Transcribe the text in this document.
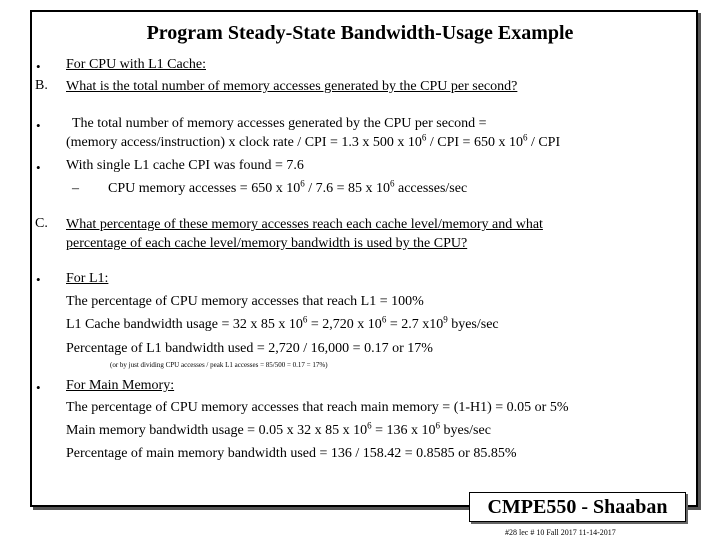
Program Steady-State Bandwidth-Usage Example
• For CPU with L1 Cache:
B. What is the total number of memory accesses generated by the CPU per second?
• The total number of memory accesses generated by the CPU per second =
(memory access/instruction) x clock rate / CPI = 1.3 x 500 x $10^6$ / CPI = 650 x $10^6$ / CPI
• With single L1 cache CPI was found = 7.6
– CPU memory accesses = 650 x $10^6 / 7.6 = 85$ x $10^6$ accesses/sec
C. What percentage of these memory accesses reach each cache level/memory and what
percentage of each cache level/memory bandwidth is used by the CPU?
• For L1:
The percentage of CPU memory accesses that reach L1 = 100%
L1 Cache bandwidth usage = 32 x 85 x $10^6 = 2,720$ x $10^6 = 2.7$ $x10^9$ byes/sec
Percentage of L1 bandwidth used = 2,720 / 16,000 = 0.17 or 17%
(or by just dividing CPU accesses / peak L1 accesses = 85/500 = 0.17 = 17%)
• For Main Memory:
The percentage of CPU memory accesses that reach main memory = (1-H1) = 0.05 or 5%
Main memory bandwidth usage = 0.05 x 32 x 85 x $10^6 = 136$ x $10^6$ byes/sec
Percentage of main memory bandwidth used = 136 / 158.42 = 0.8585 or 85.85%
CMPE550 - Shaaban
#28 lec # 10 Fall 2017 11-14-2017
